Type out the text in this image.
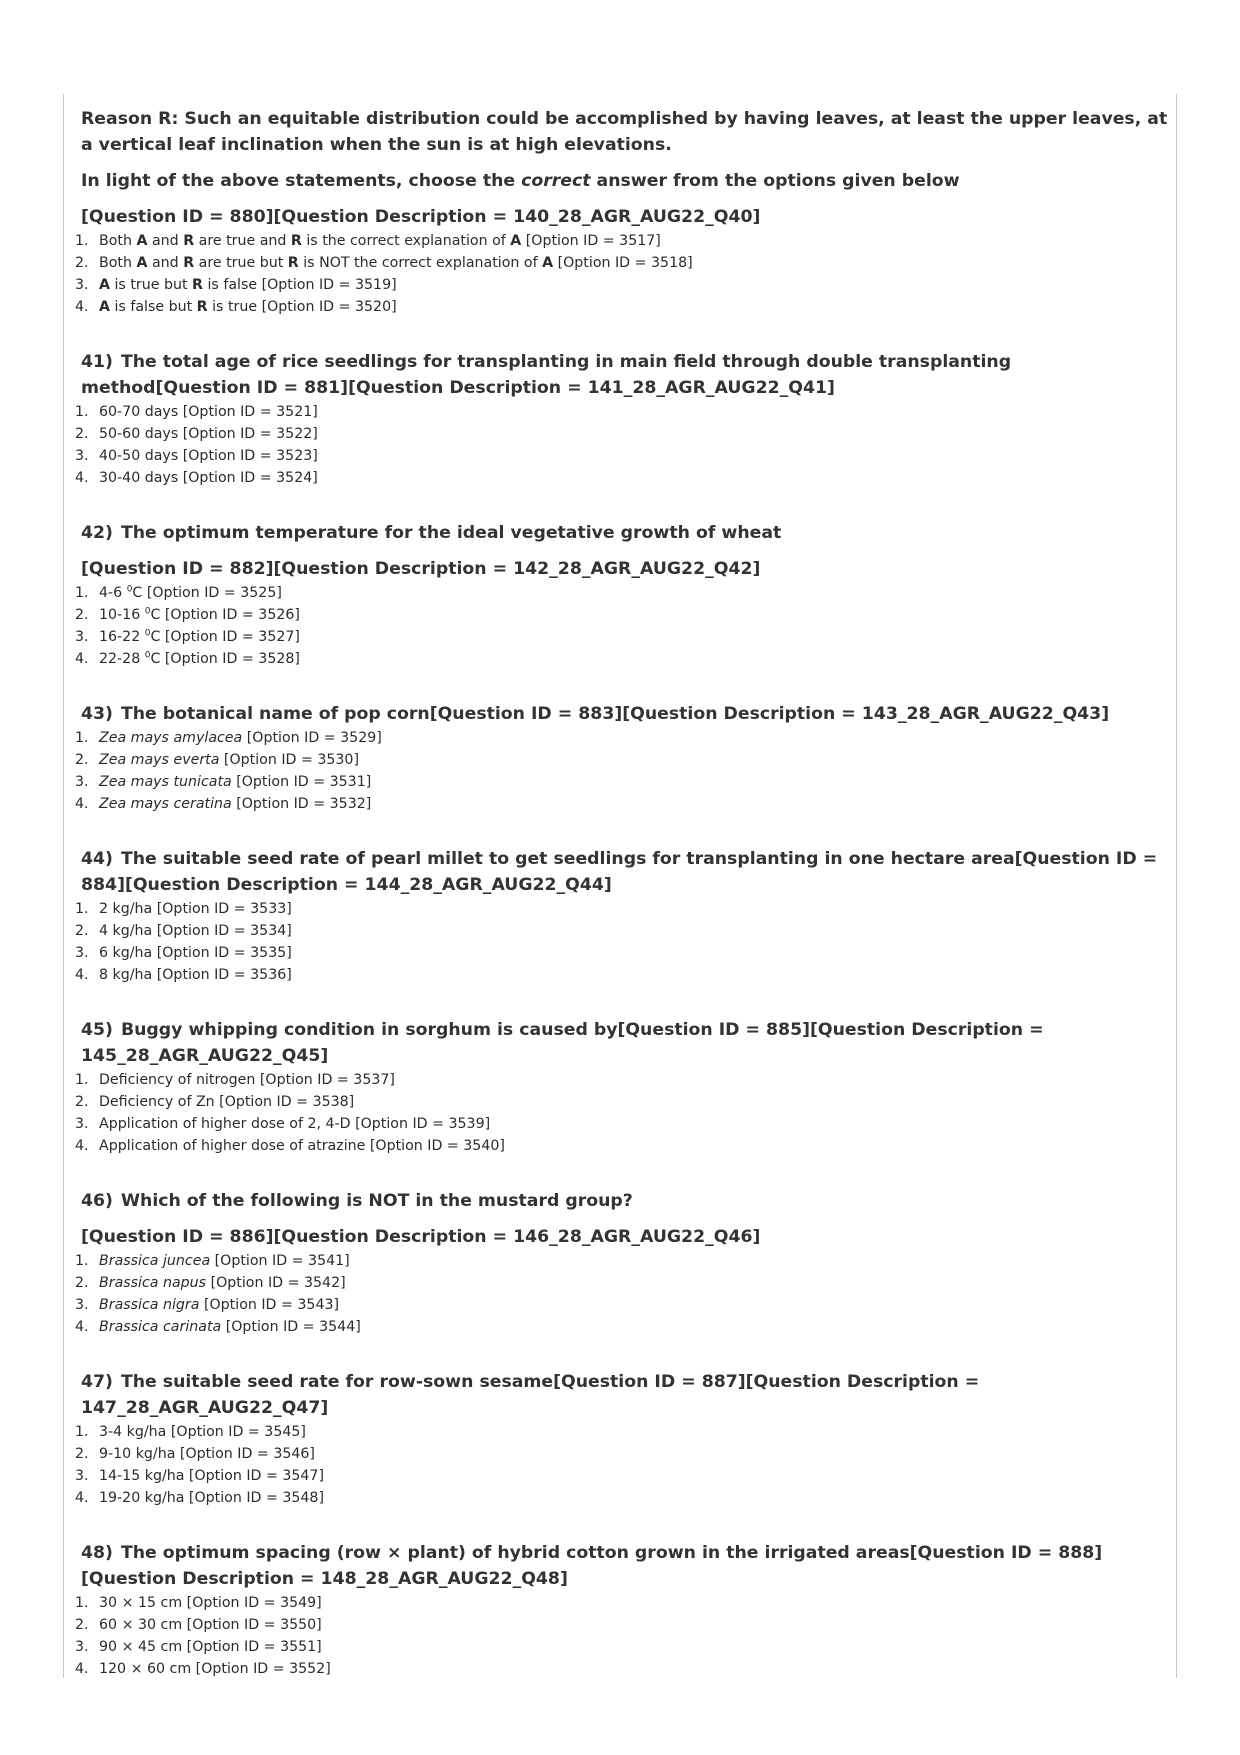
Reason R: Such an equitable distribution could be accomplished by having leaves, at least the upper leaves, at a vertical leaf inclination when the sun is at high elevations.

In light of the above statements, choose the correct answer from the options given below

[Question ID = 880][Question Description = 140_28_AGR_AUG22_Q40]

1. Both A and R are true and R is the correct explanation of A [Option ID = 3517]
2. Both A and R are true but R is NOT the correct explanation of A [Option ID = 3518]
3. A is true but R is false [Option ID = 3519]
4. A is false but R is true [Option ID = 3520]

41) The total age of rice seedlings for transplanting in main field through double transplanting method[Question ID = 881][Question Description = 141_28_AGR_AUG22_Q41]

1. 60-70 days [Option ID = 3521]
2. 50-60 days [Option ID = 3522]
3. 40-50 days [Option ID = 3523]
4. 30-40 days [Option ID = 3524]

42) The optimum temperature for the ideal vegetative growth of wheat

[Question ID = 882][Question Description = 142_28_AGR_AUG22_Q42]

1. 4-6 $^0$C [Option ID = 3525]
2. 10-16 $^0$C [Option ID = 3526]
3. 16-22 $^0$C [Option ID = 3527]
4. 22-28 $^0$C [Option ID = 3528]

43) The botanical name of pop corn[Question ID = 883][Question Description = 143_28_AGR_AUG22_Q43]

1. Zea mays amylacea [Option ID = 3529]
2. Zea mays everta [Option ID = 3530]
3. Zea mays tunicata [Option ID = 3531]
4. Zea mays ceratina [Option ID = 3532]

44) The suitable seed rate of pearl millet to get seedlings for transplanting in one hectare area[Question ID = 884][Question Description = 144_28_AGR_AUG22_Q44]

1. 2 kg/ha [Option ID = 3533]
2. 4 kg/ha [Option ID = 3534]
3. 6 kg/ha [Option ID = 3535]
4. 8 kg/ha [Option ID = 3536]

45) Buggy whipping condition in sorghum is caused by[Question ID = 885][Question Description = 145_28_AGR_AUG22_Q45]

1. Deficiency of nitrogen [Option ID = 3537]
2. Deficiency of Zn [Option ID = 3538]
3. Application of higher dose of 2, 4-D [Option ID = 3539]
4. Application of higher dose of atrazine [Option ID = 3540]

46) Which of the following is NOT in the mustard group?

[Question ID = 886][Question Description = 146_28_AGR_AUG22_Q46]

1. Brassica juncea [Option ID = 3541]
2. Brassica napus [Option ID = 3542]
3. Brassica nigra [Option ID = 3543]
4. Brassica carinata [Option ID = 3544]

47) The suitable seed rate for row-sown sesame[Question ID = 887][Question Description = 147_28_AGR_AUG22_Q47]

1. 3-4 kg/ha [Option ID = 3545]
2. 9-10 kg/ha [Option ID = 3546]
3. 14-15 kg/ha [Option ID = 3547]
4. 19-20 kg/ha [Option ID = 3548]

48) The optimum spacing (row × plant) of hybrid cotton grown in the irrigated areas[Question ID = 888][Question Description = 148_28_AGR_AUG22_Q48]

1. 30 × 15 cm [Option ID = 3549]
2. 60 × 30 cm [Option ID = 3550]
3. 90 × 45 cm [Option ID = 3551]
4. 120 × 60 cm [Option ID = 3552]
